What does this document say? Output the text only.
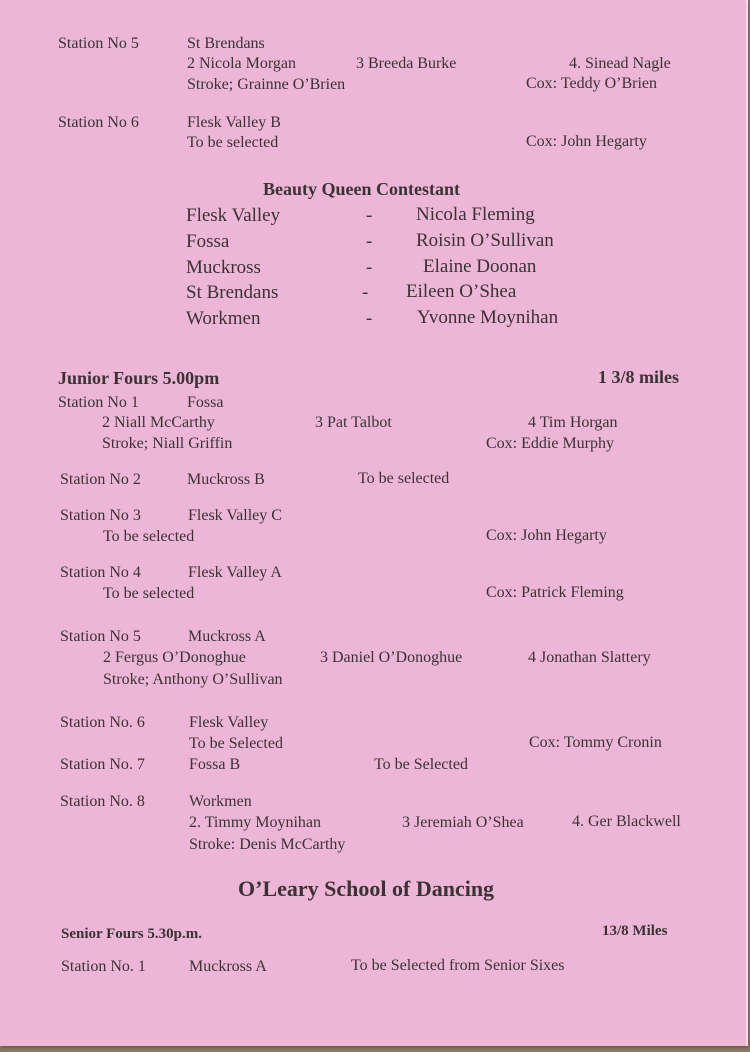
Station No 5	St Brendans
2 Nicola Morgan	3 Breeda Burke	4. Sinead Nagle
Stroke; Grainne O’Brien	Cox: Teddy O’Brien
Station No 6	Flesk Valley B
To be selected	Cox: John Hegarty
Beauty Queen Contestant
Flesk Valley	- Nicola Fleming
Fossa	- Roisin O’Sullivan
Muckross	-	Elaine Doonan
St Brendans	- Eileen O’Shea
Workmen	- Yvonne Moynihan
Junior Fours 5.00pm	1 3/8 miles
Station No 1	Fossa
2 Niall McCarthy	3 Pat Talbot	4 Tim Horgan
Stroke; Niall Griffin	Cox: Eddie Murphy
Station No 2	Muckross B	To be selected
Station No 3	Flesk Valley C
To be selected	Cox: John Hegarty
Station No 4	Flesk Valley A
To be selected	Cox: Patrick Fleming
Station No 5	Muckross A
2 Fergus O’Donoghue	3 Daniel O’Donoghue	4 Jonathan Slattery
Stroke; Anthony O’Sullivan
Station No. 6	Flesk Valley
To be Selected	Cox: Tommy Cronin
Station No. 7	Fossa B	To be Selected
Station No. 8	Workmen
2. Timmy Moynihan	3 Jeremiah O’Shea	4. Ger Blackwell
Stroke: Denis McCarthy
O’Leary School of Dancing
Senior Fours 5.30p.m.	13/8 Miles
Station No. 1	Muckross A	To be Selected from Senior Sixes
